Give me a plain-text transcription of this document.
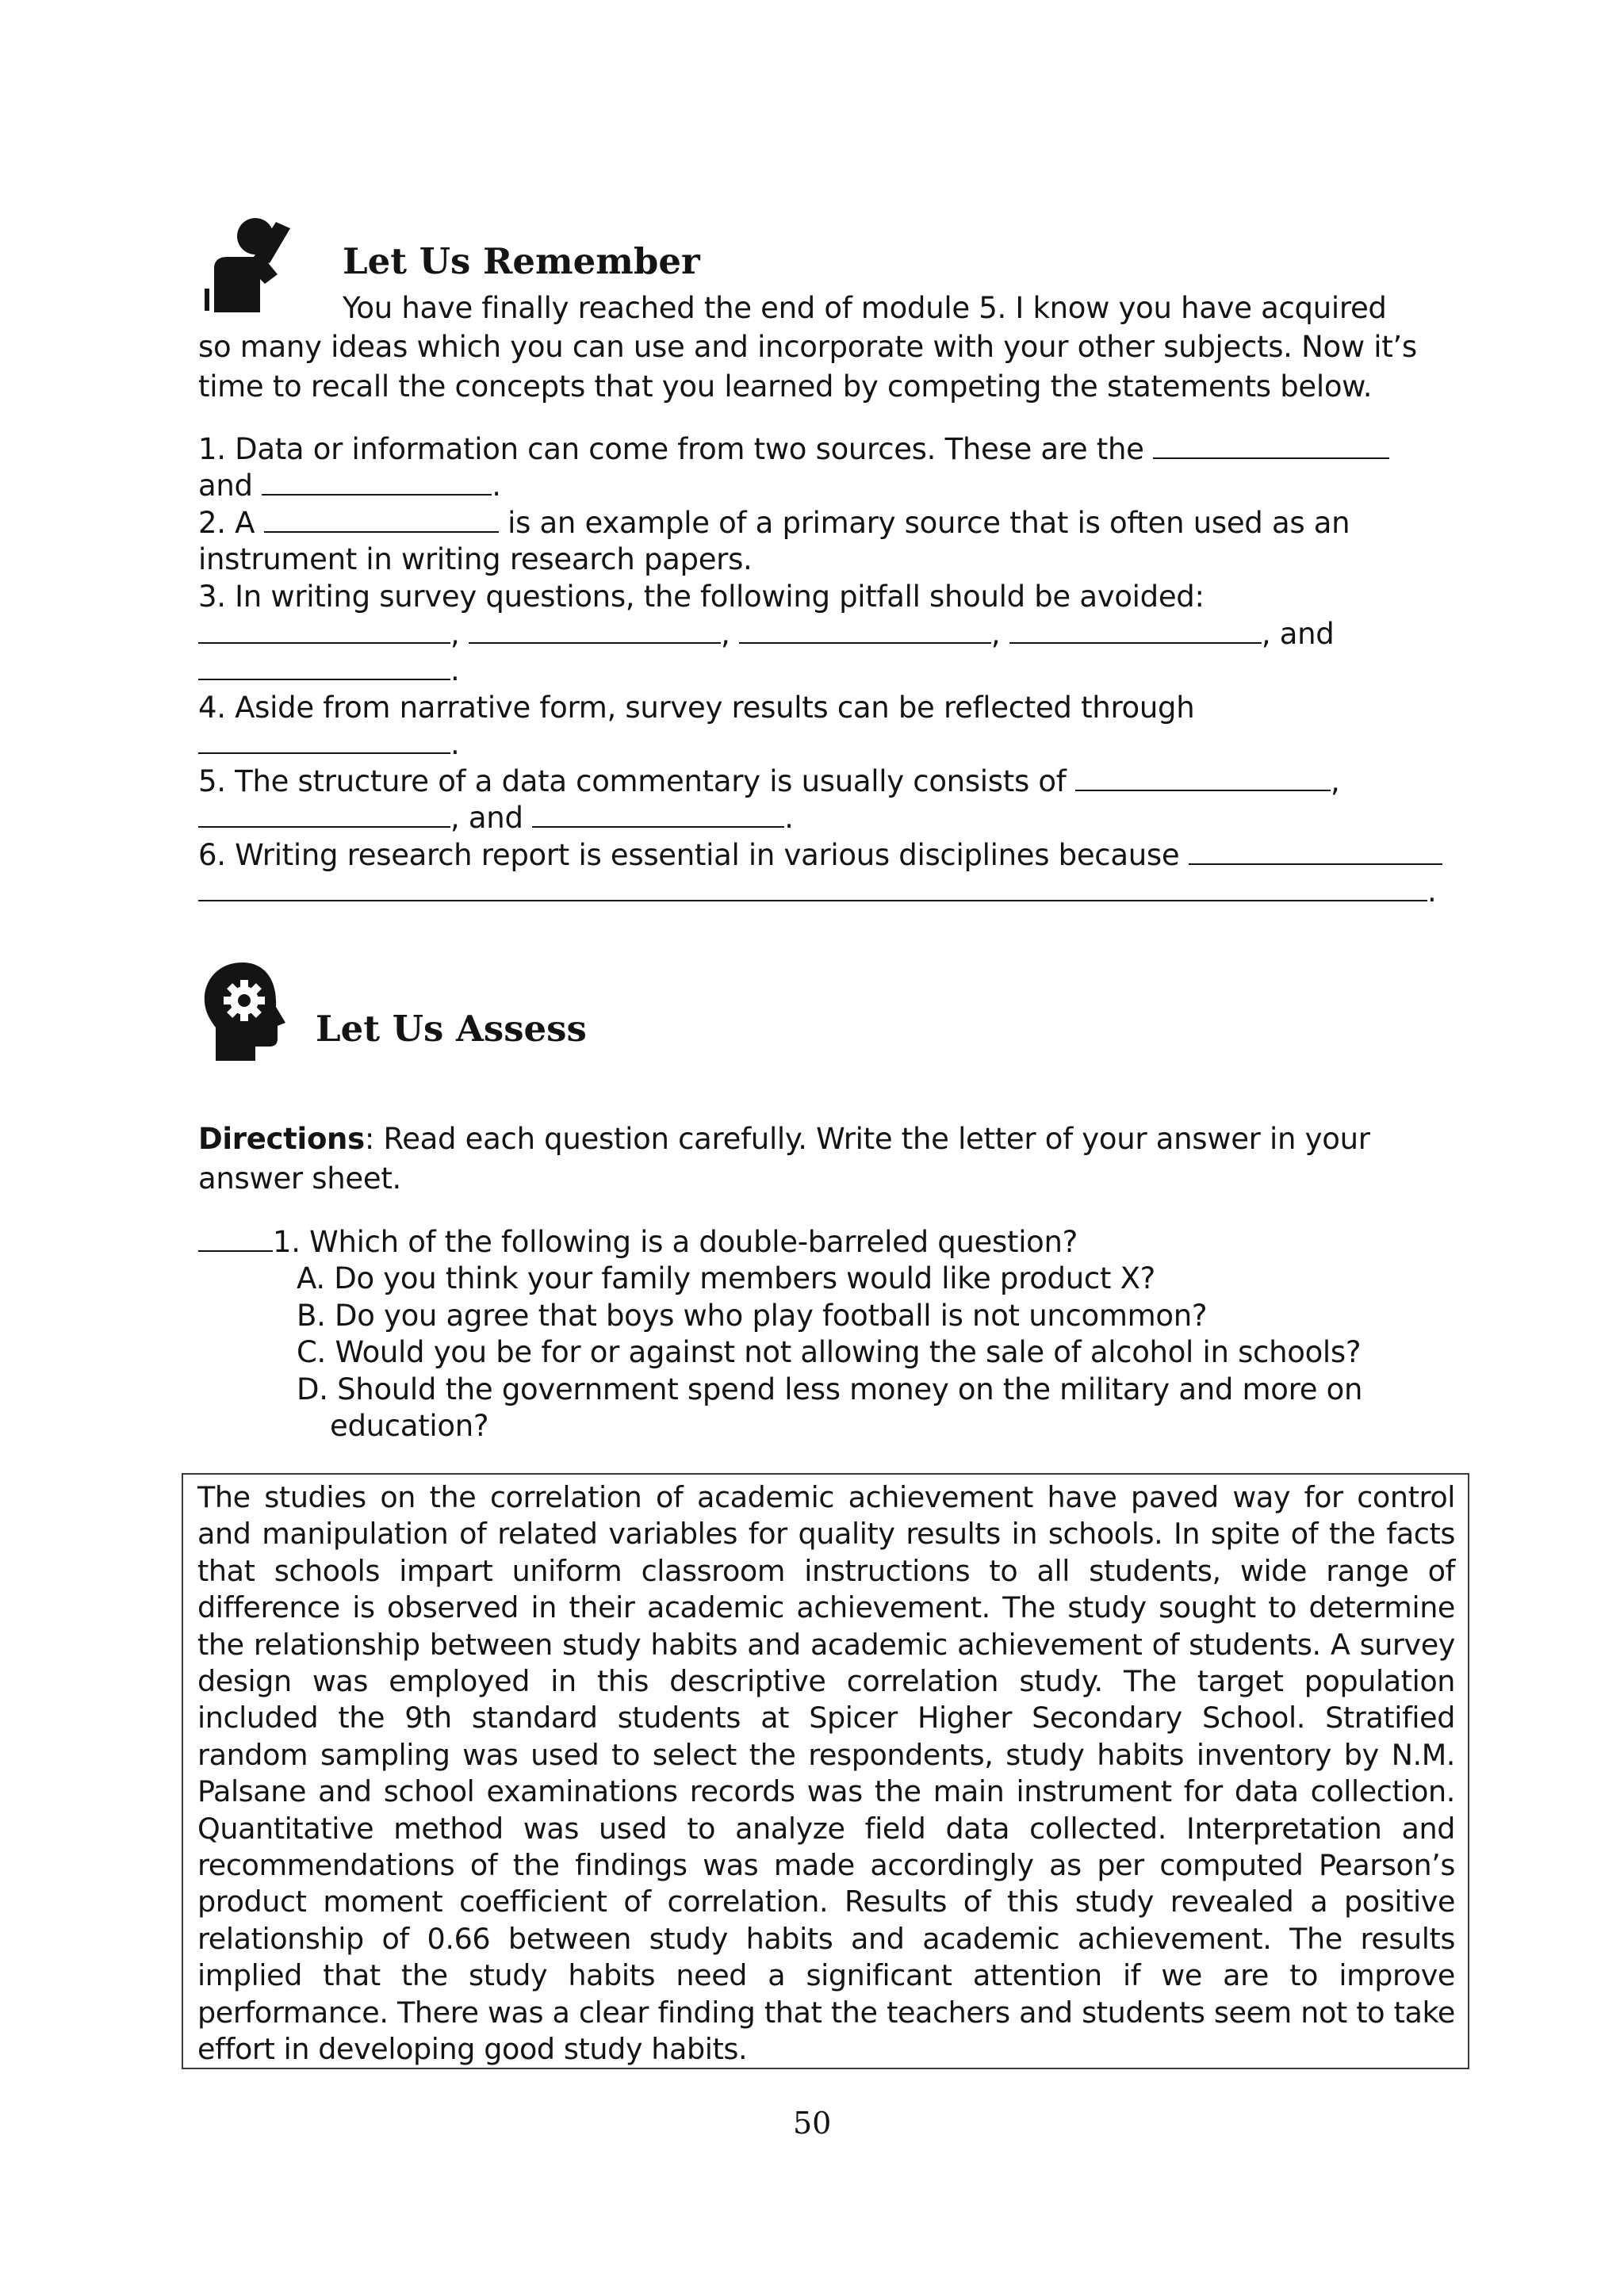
Let Us Remember
You have finally reached the end of module 5. I know you have acquired
so many ideas which you can use and incorporate with your other subjects. Now it’s
time to recall the concepts that you learned by competing the statements below.
1. Data or information can come from two sources. These are the
and	.
2. A	is an example of a primary source that is often used as an
instrument in writing research papers.
3. In writing survey questions, the following pitfall should be avoided:
,	,	,	, and
.
4. Aside from narrative form, survey results can be reflected through
.
5. The structure of a data commentary is usually consists of	,
, and	.
6. Writing research report is essential in various disciplines because
.
Let Us Assess
Directions: Read each question carefully. Write the letter of your answer in your
answer sheet.
1. Which of the following is a double-barreled question?
A. Do you think your family members would like product X?
B. Do you agree that boys who play football is not uncommon?
C. Would you be for or against not allowing the sale of alcohol in schools?
D. Should the government spend less money on the military and more on
education?

The studies on the correlation of academic achievement have paved way for control and manipulation of related variables for quality results in schools. In spite of the facts that schools impart uniform classroom instructions to all students, wide range of difference is observed in their academic achievement. The study sought to determine the relationship between study habits and academic achievement of students. A survey design was employed in this descriptive correlation study. The target population included the 9th standard students at Spicer Higher Secondary School. Stratified random sampling was used to select the respondents, study habits inventory by N.M. Palsane and school examinations records was the main instrument for data collection. Quantitative method was used to analyze field data collected. Interpretation and recommendations of the findings was made accordingly as per computed Pearson’s product moment coefficient of correlation. Results of this study revealed a positive relationship of 0.66 between study habits and academic achievement. The results implied that the study habits need a significant attention if we are to improve performance. There was a clear finding that the teachers and students seem not to take effort in developing good study habits.

50
